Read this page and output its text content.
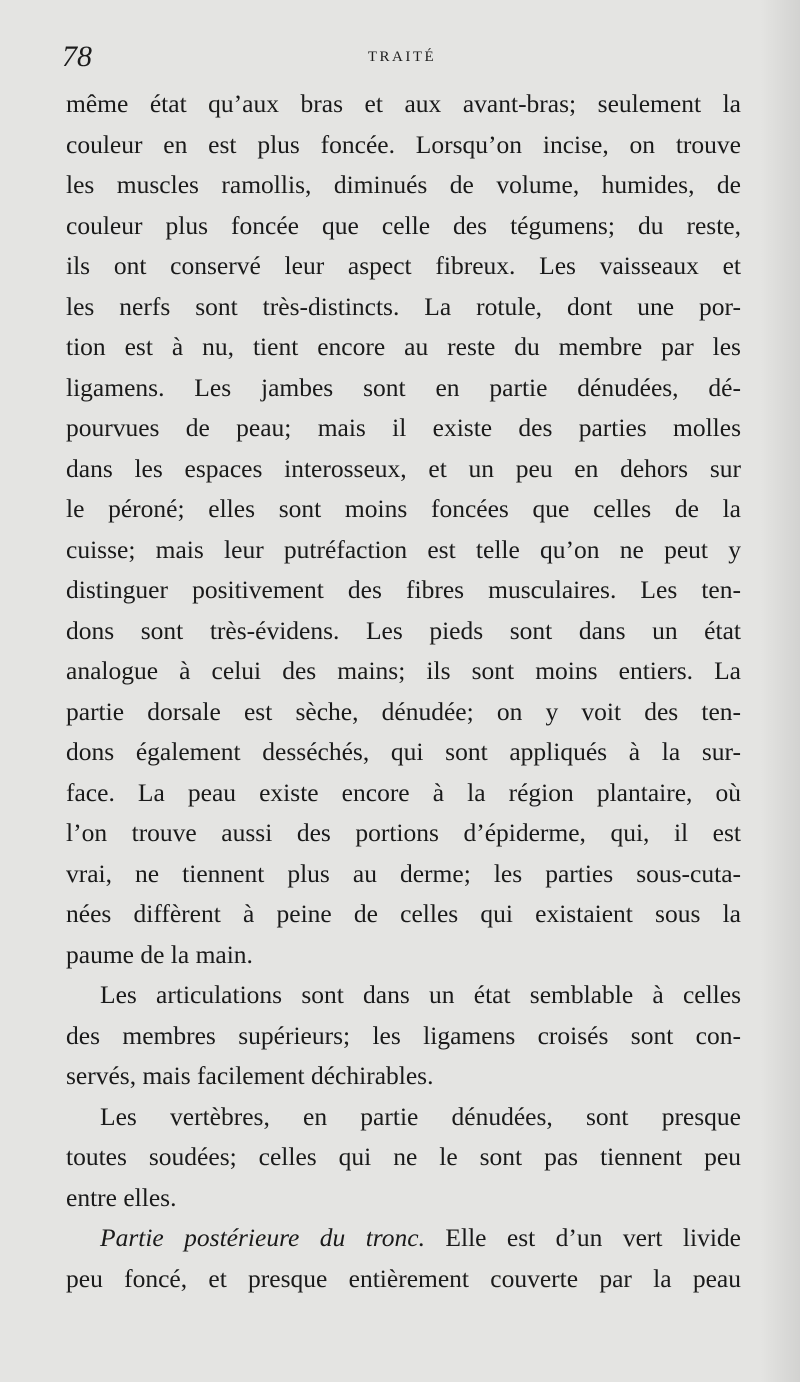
78	TRAITÉ
même état qu’aux bras et aux avant-bras; seulement la
couleur en est plus foncée. Lorsqu’on incise, on trouve
les muscles ramollis, diminués de volume, humides, de
couleur plus foncée que celle des tégumens; du reste,
ils ont conservé leur aspect fibreux. Les vaisseaux et
les nerfs sont très-distincts. La rotule, dont une por-
tion est à nu, tient encore au reste du membre par les
ligamens. Les jambes sont en partie dénudées, dé-
pourvues de peau; mais il existe des parties molles
dans les espaces interosseux, et un peu en dehors sur
le péroné; elles sont moins foncées que celles de la
cuisse; mais leur putréfaction est telle qu’on ne peut y
distinguer positivement des fibres musculaires. Les ten-
dons sont très-évidens. Les pieds sont dans un état
analogue à celui des mains; ils sont moins entiers. La
partie dorsale est sèche, dénudée; on y voit des ten-
dons également desséchés, qui sont appliqués à la sur-
face. La peau existe encore à la région plantaire, où
l’on trouve aussi des portions d’épiderme, qui, il est
vrai, ne tiennent plus au derme; les parties sous-cuta-
nées diffèrent à peine de celles qui existaient sous la
paume de la main.
Les articulations sont dans un état semblable à celles
des membres supérieurs; les ligamens croisés sont con-
servés, mais facilement déchirables.
Les vertèbres, en partie dénudées, sont presque
toutes soudées; celles qui ne le sont pas tiennent peu
entre elles.
Partie postérieure du tronc. Elle est d’un vert livide
peu foncé, et presque entièrement couverte par la peau
